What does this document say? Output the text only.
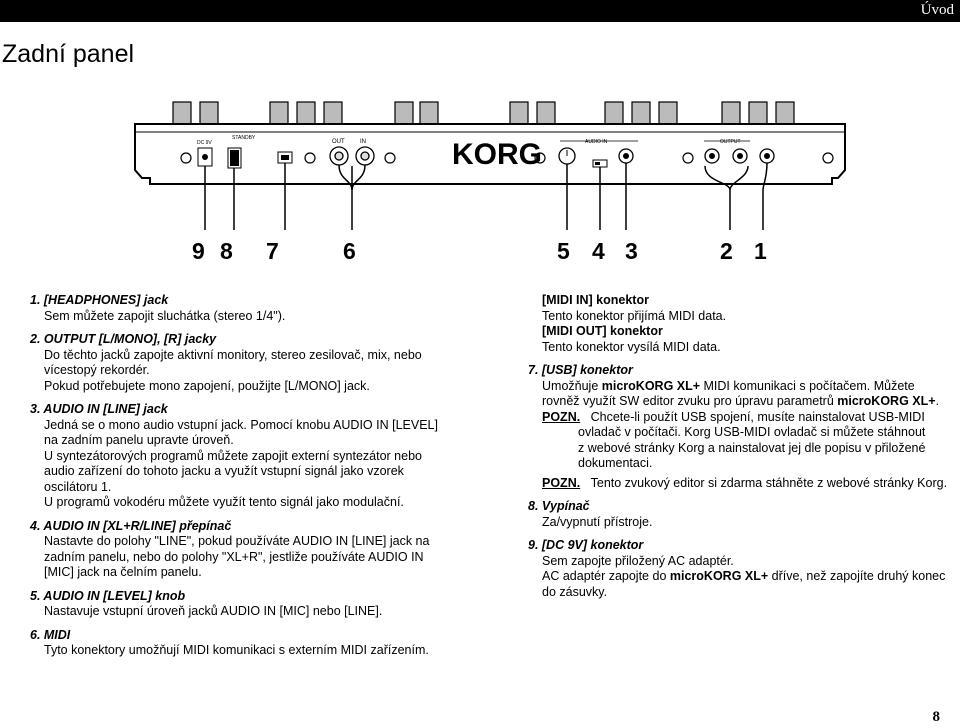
Úvod
Zadní panel
DC 9V
STANDBY
OUT	IN	KORG	AUDIO IN	OUTPUT
9 8 7	6	5 4 3	2 1

1. [HEADPHONES] jack

Sem můžete zapojit sluchátka (stereo 1/4").

2. OUTPUT [L/MONO], [R] jacky

Do těchto jacků zapojte aktivní monitory, stereo zesilovač, mix, nebo

vícestopý rekordér.

Pokud potřebujete mono zapojení, použijte [L/MONO] jack.

3. AUDIO IN [LINE] jack

Jedná se o mono audio vstupní jack. Pomocí knobu AUDIO IN [LEVEL]

na zadním panelu upravte úroveň.

U syntezátorových programů můžete zapojit externí syntezátor nebo

audio zařízení do tohoto jacku a využít vstupní signál jako vzorek

oscilátoru 1.

U programů vokodéru můžete využít tento signál jako modulační.

4. AUDIO IN [XL+R/LINE] přepínač

Nastavte do polohy "LINE", pokud používáte AUDIO IN [LINE] jack na

zadním panelu, nebo do polohy "XL+R", jestliže používáte AUDIO IN

[MIC] jack na čelním panelu.

5. AUDIO IN [LEVEL] knob

Nastavuje vstupní úroveň jacků AUDIO IN [MIC] nebo [LINE].

6. MIDI

Tyto konektory umožňují MIDI komunikaci s externím MIDI zařízením.

[MIDI IN] konektor

Tento konektor přijímá MIDI data.

[MIDI OUT] konektor

Tento konektor vysílá MIDI data.

7. [USB] konektor

Umožňuje microKORG XL+ MIDI komunikaci s počítačem. Můžete

rovněž využít SW editor zvuku pro úpravu parametrů microKORG XL+.

POZN. Chcete-li použít USB spojení, musíte nainstalovat USB-MIDI

ovladač v počítači. Korg USB-MIDI ovladač si můžete stáhnout

z webové stránky Korg a nainstalovat jej dle popisu v přiložené

dokumentaci.

POZN. Tento zvukový editor si zdarma stáhněte z webové stránky Korg.

8. Vypínač

Za/vypnutí přístroje.

9. [DC 9V] konektor

Sem zapojte přiložený AC adaptér.

AC adaptér zapojte do microKORG XL+ dříve, než zapojíte druhý konec

do zásuvky.

8
